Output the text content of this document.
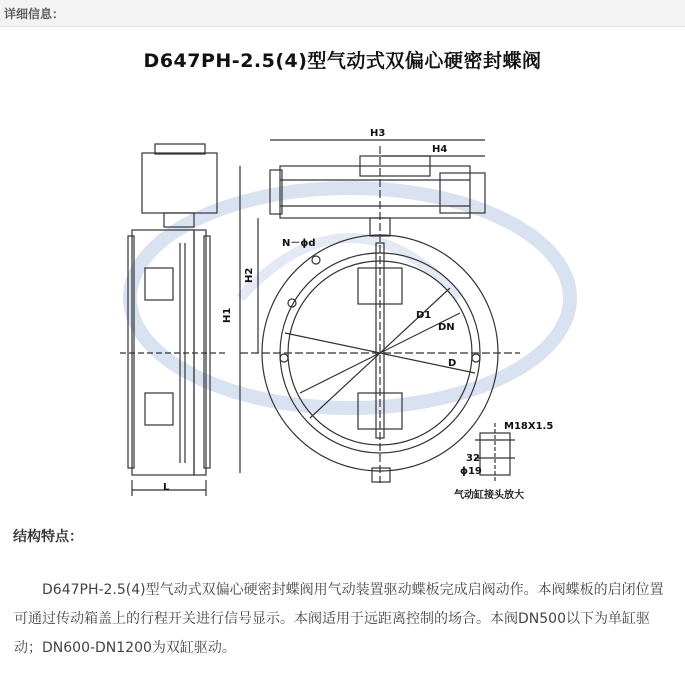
详细信息：
D647PH-2.5(4)型气动式双偏心硬密封蝶阀
H3
H4
H1
H2
N－ϕd
D1
DN
D
L
M18X1.5
32
ϕ19
气动缸接头放大
结构特点：
D647PH-2.5(4)型气动式双偏心硬密封蝶阀用气动装置驱动蝶板完成启阀动作。本阀蝶板的启闭位置可通过传动箱盖上的行程开关进行信号显示。本阀适用于远距离控制的场合。本阀DN500以下为单缸驱动；DN600-DN1200为双缸驱动。
